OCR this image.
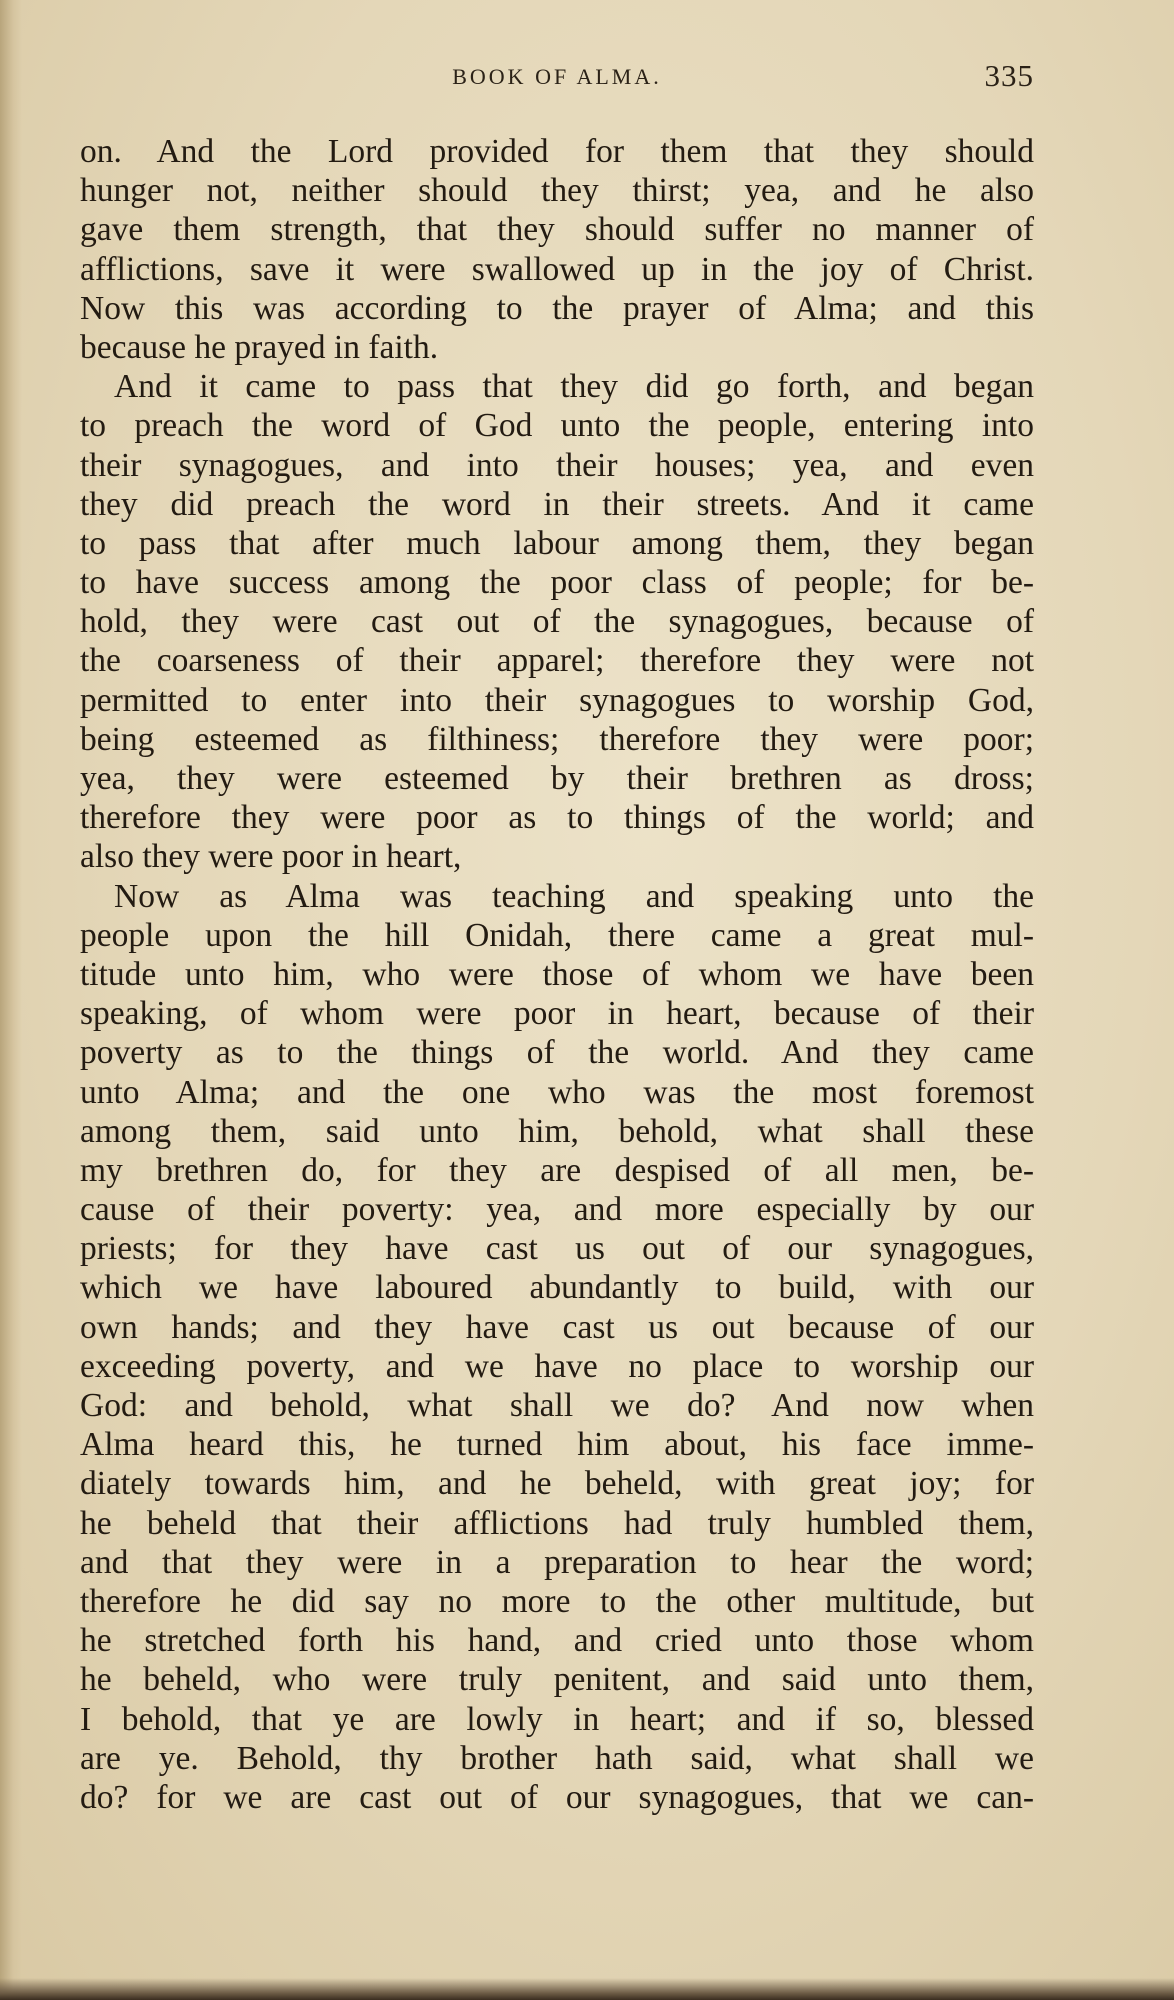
BOOK OF ALMA.	335
on. And the Lord provided for them that they should
hunger not, neither should they thirst; yea, and he also
gave them strength, that they should suffer no manner of
afflictions, save it were swallowed up in the joy of Christ.
Now this was according to the prayer of Alma; and this
because he prayed in faith.
And it came to pass that they did go forth, and began
to preach the word of God unto the people, entering into
their synagogues, and into their houses; yea, and even
they did preach the word in their streets. And it came
to pass that after much labour among them, they began
to have success among the poor class of people; for be-
hold, they were cast out of the synagogues, because of
the coarseness of their apparel; therefore they were not
permitted to enter into their synagogues to worship God,
being esteemed as filthiness; therefore they were poor;
yea, they were esteemed by their brethren as dross;
therefore they were poor as to things of the world; and
also they were poor in heart,
Now as Alma was teaching and speaking unto the
people upon the hill Onidah, there came a great mul-
titude unto him, who were those of whom we have been
speaking, of whom were poor in heart, because of their
poverty as to the things of the world. And they came
unto Alma; and the one who was the most foremost
among them, said unto him, behold, what shall these
my brethren do, for they are despised of all men, be-
cause of their poverty: yea, and more especially by our
priests; for they have cast us out of our synagogues,
which we have laboured abundantly to build, with our
own hands; and they have cast us out because of our
exceeding poverty, and we have no place to worship our
God: and behold, what shall we do? And now when
Alma heard this, he turned him about, his face imme-
diately towards him, and he beheld, with great joy; for
he beheld that their afflictions had truly humbled them,
and that they were in a preparation to hear the word;
therefore he did say no more to the other multitude, but
he stretched forth his hand, and cried unto those whom
he beheld, who were truly penitent, and said unto them,
I behold, that ye are lowly in heart; and if so, blessed
are ye. Behold, thy brother hath said, what shall we
do? for we are cast out of our synagogues, that we can-
